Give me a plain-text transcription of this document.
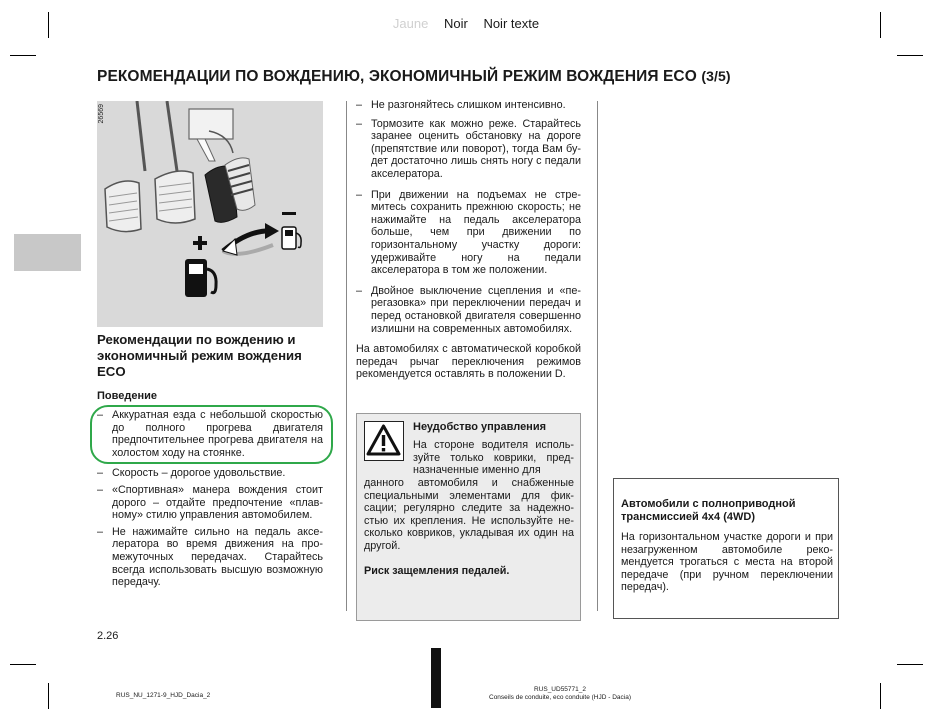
Jaune Noir Noir texte
РЕКОМЕНДАЦИИ ПО ВОЖДЕНИЮ, ЭКОНОМИЧНЫЙ РЕЖИМ ВОЖДЕНИЯ ECO (3/5)
26569
Рекомендации по вождению и экономичный режим вождения ECO
Поведение
– Аккуратная езда с небольшой скоростью до полного прогрева двигателя предпочтительнее прогрева двигателя на холостом ходу на стоянке.
– Скорость – дорогое удовольствие.
– «Спортивная» манера вождения стоит дорого – отдайте предпочтение «плавному» стилю управления автомобилем.
– Не нажимайте сильно на педаль акселератора во время движения на промежуточных передачах. Старайтесь всегда использовать высшую возможную передачу.
2.26
– Не разгоняйтесь слишком интенсивно.
– Тормозите как можно реже. Старайтесь заранее оценить обстановку на дороге (препятствие или поворот), тогда Вам будет достаточно лишь снять ногу с педали акселератора.
– При движении на подъемах не стремитесь сохранить прежнюю скорость; не нажимайте на педаль акселератора больше, чем при движении по горизонтальному участку дороги: удерживайте ногу на педали акселератора в том же положении.
– Двойное выключение сцепления и «перегазовка» при переключении передач и перед остановкой двигателя совершенно излишни на современных автомобилях.
На автомобилях с автоматической коробкой передач рычаг переключения режимов рекомендуется оставлять в положении D.
Неудобство управления
На стороне водителя используйте только коврики, предназначенные именно для
данного автомобиля и снабженные специальными элементами для фиксации; регулярно следите за надежностью их крепления. Не используйте несколько ковриков, укладывая их один на другой.
Риск защемления педалей.
Автомобили с полноприводной трансмиссией 4x4 (4WD)
На горизонтальном участке дороги и при незагруженном автомобиле рекомендуется трогаться с места на второй передаче (при ручном переключении передач).
RUS_NU_1271-9_HJD_Dacia_2
RUS_UD55771_2
Conseils de conduite, eco conduite (HJD - Dacia)
